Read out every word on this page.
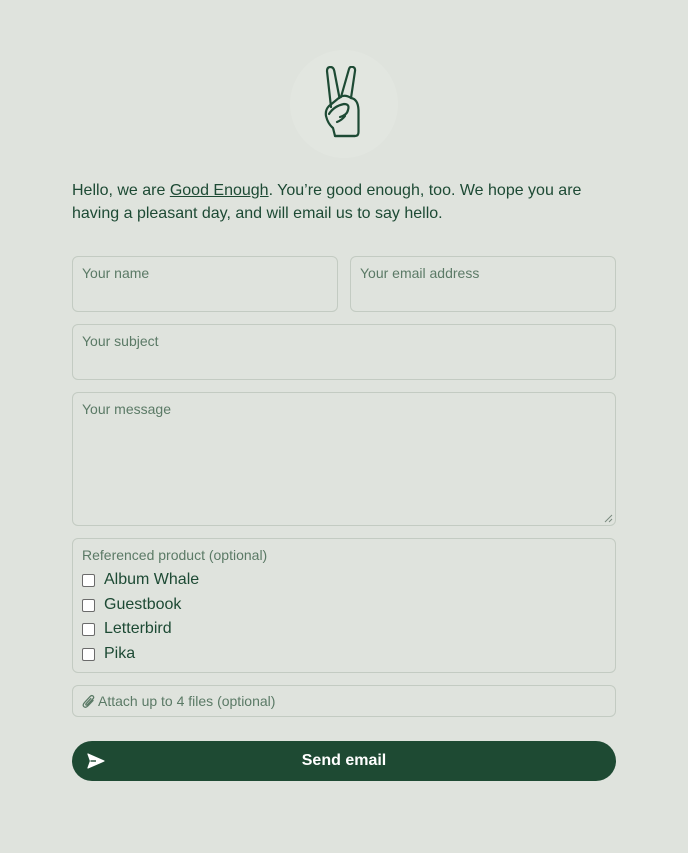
Hello, we are Good Enough. You’re good enough, too. We hope you are having a pleasant day, and will email us to say hello.

Your name	Your email address
Your subject
Your message
Referenced product (optional)
Album Whale
Guestbook
Letterbird
Pika
Attach up to 4 files (optional)
Send email
